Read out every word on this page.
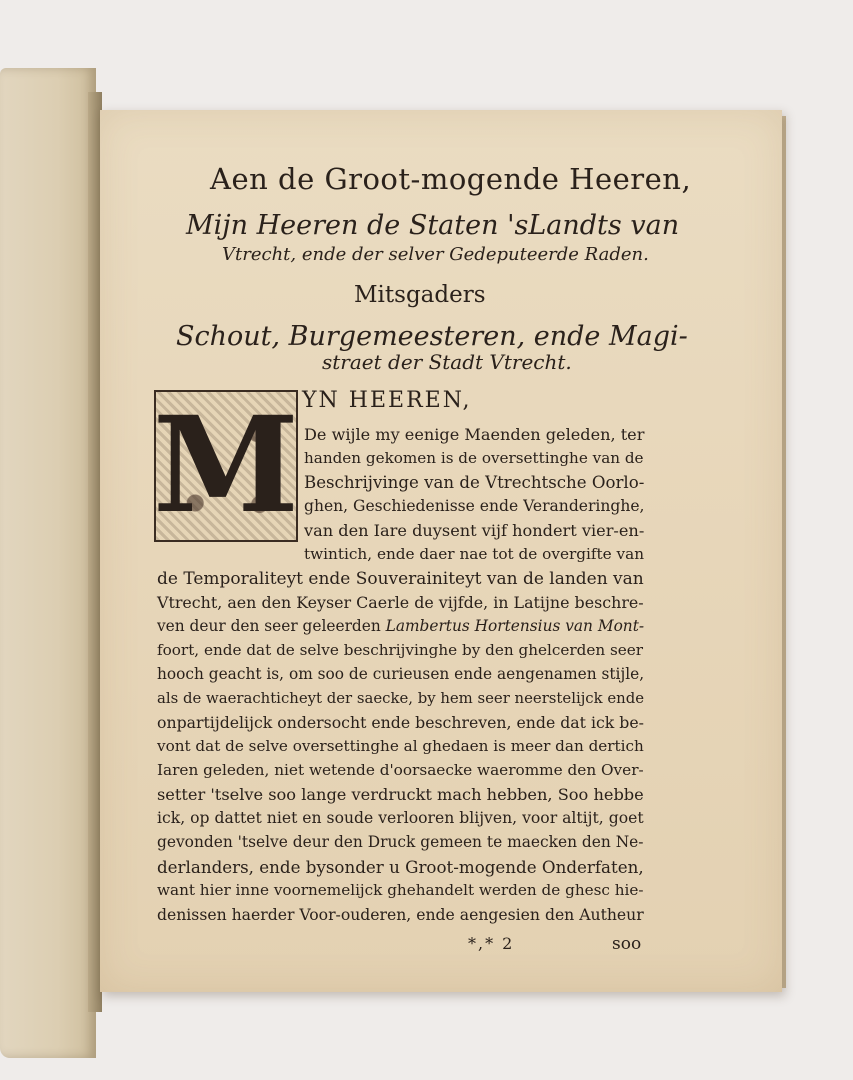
Aen de Groot-mogende Heeren,
Mijn Heeren de Staten 'sLandts van
Vtrecht, ende der selver Gedeputeerde Raden.
Mitsgaders
Schout, Burgemeesteren, ende Magi-
straet der Stadt Vtrecht.
M YN HEEREN,
De wijle my eenige Maenden geleden, ter
handen gekomen is de oversettinghe van de
Beschrijvinge van de Vtrechtsche Oorlo-
ghen, Geschiedenisse ende Veranderinghe,
van den Iare duysent vijf hondert vier-en-
twintich, ende daer nae tot de overgifte van
de Temporaliteyt ende Souverainiteyt van de landen van
Vtrecht, aen den Keyser Caerle de vijfde, in Latijne beschre-
ven deur den seer geleerden Lambertus Hortensius van Mont-
foort, ende dat de selve beschrijvinghe by den ghelcerden seer
hooch geacht is, om soo de curieusen ende aengenamen stijle,
als de waerachticheyt der saecke, by hem seer neerstelijck ende
onpartijdelijck ondersocht ende beschreven, ende dat ick be-
vont dat de selve oversettinghe al ghedaen is meer dan dertich
Iaren geleden, niet wetende d'oorsaecke waeromme den Over-
setter 'tselve soo lange verdruckt mach hebben, Soo hebbe
ick, op dattet niet en soude verlooren blijven, voor altijt, goet
gevonden 'tselve deur den Druck gemeen te maecken den Ne-
derlanders, ende bysonder u Groot-mogende Onderfaten,
want hier inne voornemelijck ghehandelt werden de ghesc hie-
denissen haerder Voor-ouderen, ende aengesien den Autheur
*,* 2	soo
